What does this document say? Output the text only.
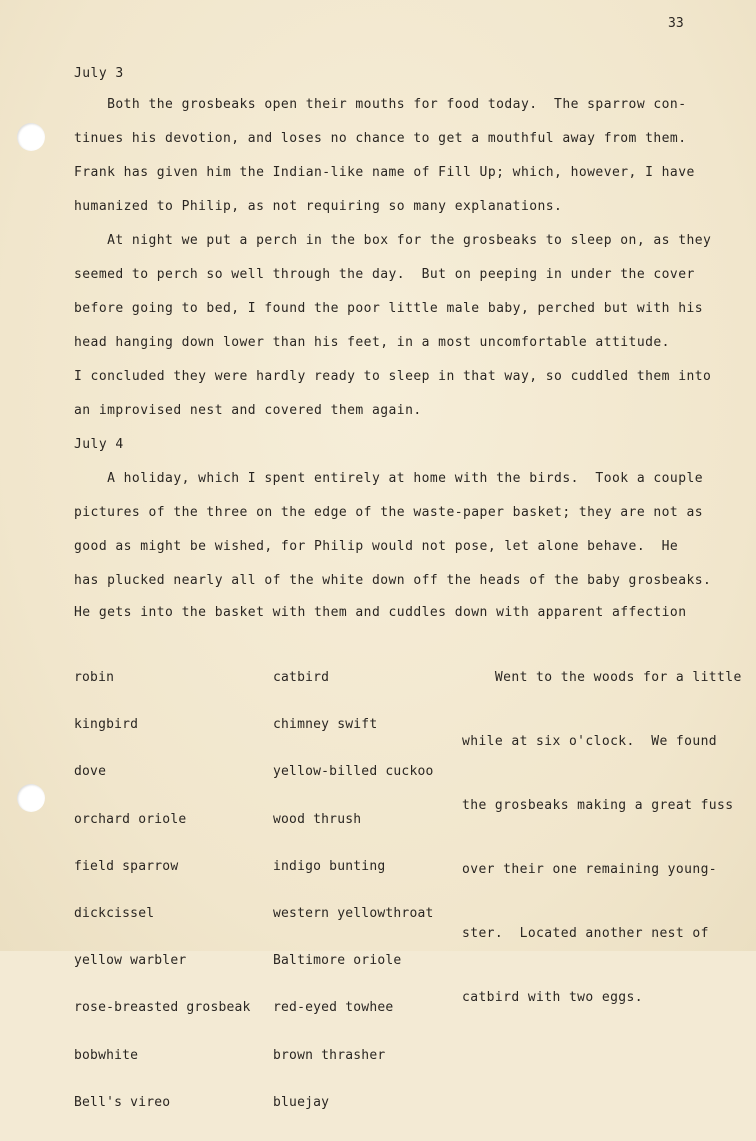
33
July 3
Both the grosbeaks open their mouths for food today.  The sparrow con-
tinues his devotion, and loses no chance to get a mouthful away from them.
Frank has given him the Indian-like name of Fill Up; which, however, I have
humanized to Philip, as not requiring so many explanations.
At night we put a perch in the box for the grosbeaks to sleep on, as they
seemed to perch so well through the day.  But on peeping in under the cover
before going to bed, I found the poor little male baby, perched but with his
head hanging down lower than his feet, in a most uncomfortable attitude.
I concluded they were hardly ready to sleep in that way, so cuddled them into
an improvised nest and covered them again.
July 4
A holiday, which I spent entirely at home with the birds.  Took a couple
pictures of the three on the edge of the waste-paper basket; they are not as
good as might be wished, for Philip would not pose, let alone behave.  He
has plucked nearly all of the white down off the heads of the baby grosbeaks.
He gets into the basket with them and cuddles down with apparent affection

robin

kingbird

dove

orchard oriole

field sparrow

dickcissel

yellow warbler

rose-breasted grosbeak

bobwhite

Bell's vireo

catbird

chimney swift

yellow-billed cuckoo

wood thrush

indigo bunting

western yellowthroat

Baltimore oriole

red-eyed towhee

brown thrasher

bluejay

Went to the woods for a little

while at six o'clock.  We found

the grosbeaks making a great fuss

over their one remaining young-

ster.  Located another nest of

catbird with two eggs.
